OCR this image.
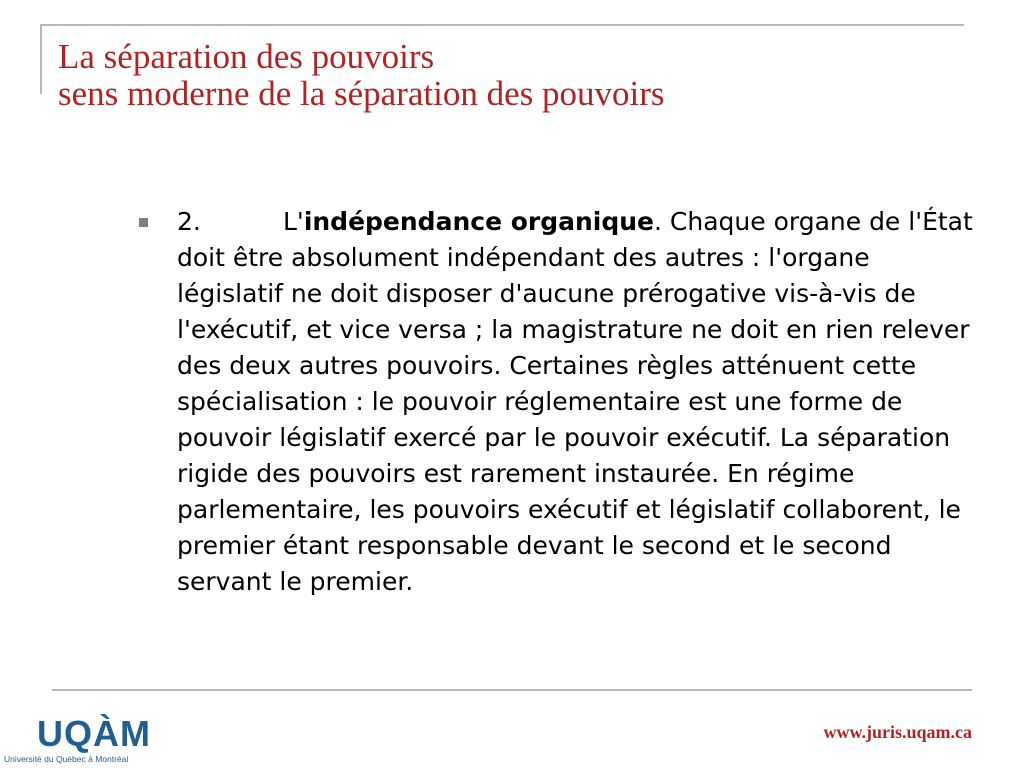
La séparation des pouvoirs
sens moderne de la séparation des pouvoirs
2.	L'indépendance organique. Chaque organe de l'État doit être absolument indépendant des autres : l'organe législatif ne doit disposer d'aucune prérogative vis-à-vis de l'exécutif, et vice versa ; la magistrature ne doit en rien relever des deux autres pouvoirs. Certaines règles atténuent cette spécialisation : le pouvoir réglementaire est une forme de pouvoir législatif exercé par le pouvoir exécutif. La séparation rigide des pouvoirs est rarement instaurée. En régime parlementaire, les pouvoirs exécutif et législatif collaborent, le premier étant responsable devant le second et le second servant le premier.
UQÀM
Université du Québec à Montréal
www.juris.uqam.ca
